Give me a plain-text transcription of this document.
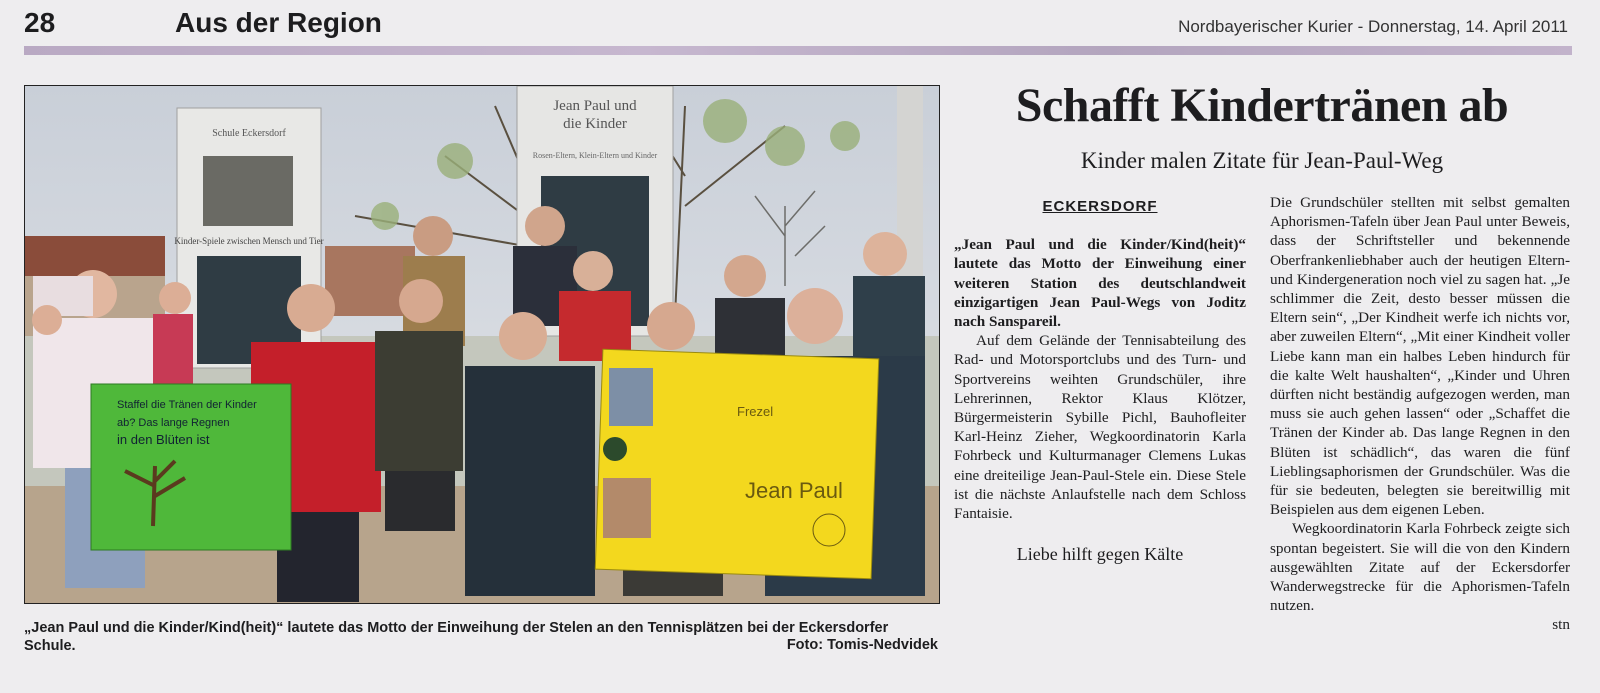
28	Aus der Region	Nordbayerischer Kurier - Donnerstag, 14. April 2011
Schule Eckersdorf
Kinder-Spiele zwischen Mensch und Tier
Jean Paul und
die Kinder
Rosen-Eltern, Klein-Eltern und Kinder
Staffel die Tränen der Kinder
ab? Das lange Regnen
in den Blüten ist
Frezel
Jean Paul
„Jean Paul und die Kinder/Kind(heit)“ lautete das Motto der Einweihung der Stelen an den Tennisplätzen bei der Eckersdorfer Schule.	Foto: Tomis-Nedvidek
Schafft Kindertränen ab
Kinder malen Zitate für Jean-Paul-Weg
ECKERSDORF

„Jean Paul und die Kinder/Kind(heit)“ lautete das Motto der Einweihung einer weiteren Station des deutschlandweit einzigartigen Jean Paul-Wegs von Joditz nach Sanspareil.

Auf dem Gelände der Tennisabteilung des Rad- und Motorsportclubs und des Turn- und Sportvereins weihten Grundschüler, ihre Lehrerinnen, Rektor Klaus Klötzer, Bürgermeisterin Sybille Pichl, Bauhofleiter Karl-Heinz Zieher, Wegkoordinatorin Karla Fohrbeck und Kulturmanager Clemens Lukas eine dreiteilige Jean-Paul-Stele ein. Diese Stele ist die nächste Anlaufstelle nach dem Schloss Fantaisie.

Liebe hilft gegen Kälte

Die Grundschüler stellten mit selbst gemalten Aphorismen-Tafeln über Jean Paul unter Beweis, dass der Schriftsteller und bekennende Oberfrankenliebhaber auch der heutigen Eltern- und Kindergeneration noch viel zu sagen hat. „Je schlimmer die Zeit, desto besser müssen die Eltern sein“, „Der Kindheit werfe ich nichts vor, aber zuweilen Eltern“, „Mit einer Kindheit voller Liebe kann man ein halbes Leben hindurch für die kalte Welt haushalten“, „Kinder und Uhren dürften nicht beständig aufgezogen werden, man muss sie auch gehen lassen“ oder „Schaffet die Tränen der Kinder ab. Das lange Regnen in den Blüten ist schädlich“, das waren die fünf Lieblingsaphorismen der Grundschüler. Was die für sie bedeuten, belegten sie bereitwillig mit Beispielen aus dem eigenen Leben.

Wegkoordinatorin Karla Fohrbeck zeigte sich spontan begeistert. Sie will die von den Kindern ausgewählten Zitate auf der Eckersdorfer Wanderwegstrecke für die Aphorismen-Tafeln nutzen.

stn
